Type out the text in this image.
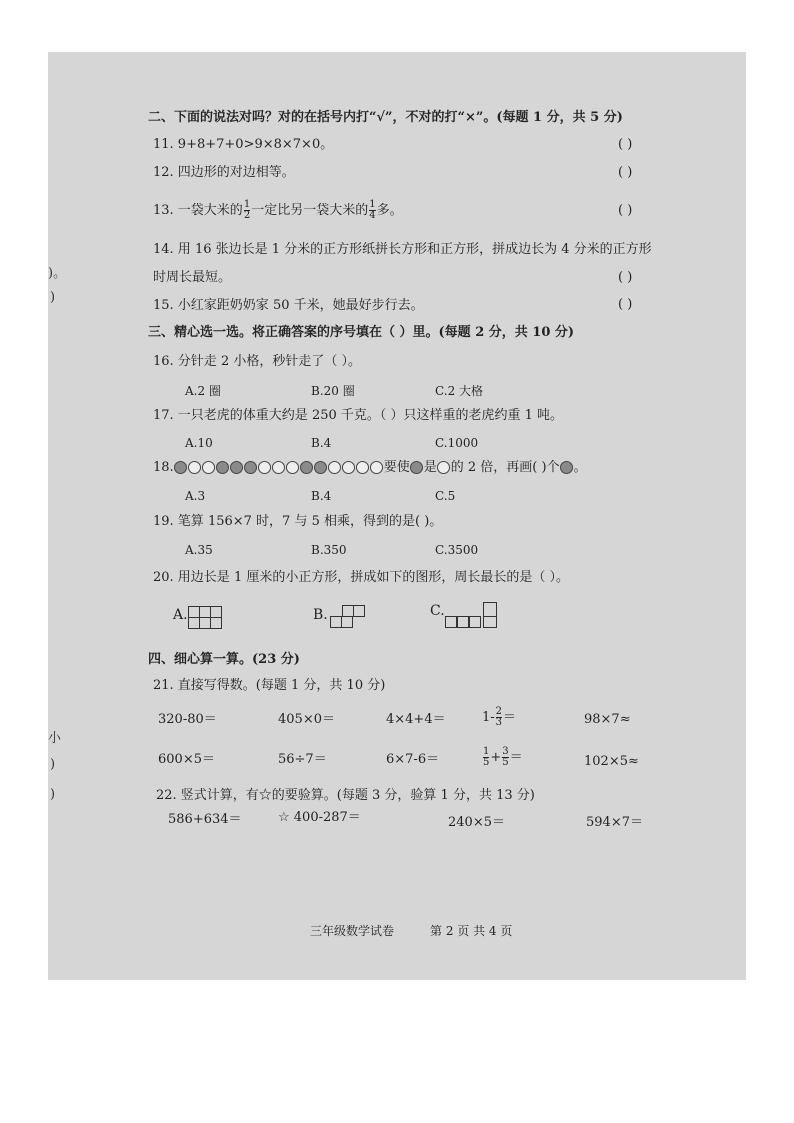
二、下面的说法对吗？对的在括号内打“√”，不对的打“×”。(每题 1 分，共 5 分)
11. 9+8+7+0>9×8×7×0。	( )
12. 四边形的对边相等。	( )
13. 一袋大米的 $\frac{1}{2}$ 一定比另一袋大米的 $\frac{1}{4}$ 多。	( )
14. 用 16 张边长是 1 分米的正方形纸拼长方形和正方形，拼成边长为 4 分米的正方形
时周长最短。	( )
15. 小红家距奶奶家 50 千米，她最好步行去。	( )
三、精心选一选。将正确答案的序号填在（ ）里。(每题 2 分，共 10 分)
16. 分针走 2 小格，秒针走了（ ）。
A.2 圈	B.20 圈	C.2 大格
17. 一只老虎的体重大约是 250 千克。（ ）只这样重的老虎约重 1 吨。
A.10	B.4	C.1000
18.	要使 是 的 2 倍，再画( )个 。
A.3	B.4	C.5
19. 笔算 156×7 时，7 与 5 相乘，得到的是( )。
A.35	B.350	C.3500
20. 用边长是 1 厘米的小正方形，拼成如下的图形，周长最长的是（ ）。
A.	B.	C.
四、细心算一算。(23 分)
21. 直接写得数。(每题 1 分，共 10 分)
320-80＝	405×0＝	4×4+4＝	$1- \frac{2}{3}$ ＝	98×7≈
600×5＝	56÷7＝	6×7-6＝	$\frac{1}{5} + \frac{3}{5}$ ＝	102×5≈
22. 竖式计算，有☆的要验算。(每题 3 分，验算 1 分，共 13 分)
586+634＝	☆ 400-287＝	240×5＝	594×7＝
)。
)
小
)
)
三年级数学试卷	第 2 页 共 4 页
